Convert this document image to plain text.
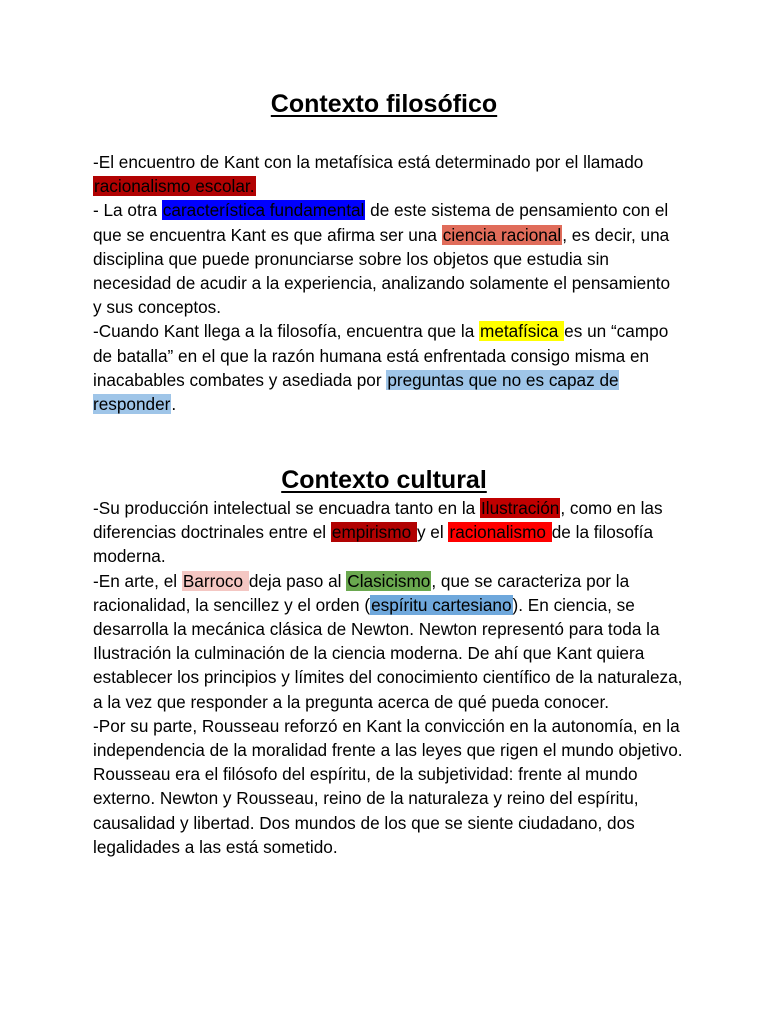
Contexto filosófico

-El encuentro de Kant con la metafísica está determinado por el llamado racionalismo escolar.

- La otra característica fundamental de este sistema de pensamiento con el que se encuentra Kant es que afirma ser una ciencia racional, es decir, una disciplina que puede pronunciarse sobre los objetos que estudia sin necesidad de acudir a la experiencia, analizando solamente el pensamiento y sus conceptos.

-Cuando Kant llega a la filosofía, encuentra que la metafísica es un “campo de batalla” en el que la razón humana está enfrentada consigo misma en inacabables combates y asediada por preguntas que no es capaz de responder.

Contexto cultural

-Su producción intelectual se encuadra tanto en la Ilustración, como en las diferencias doctrinales entre el empirismo y el racionalismo de la filosofía moderna.

-En arte, el Barroco deja paso al Clasicismo, que se caracteriza por la racionalidad, la sencillez y el orden (espíritu cartesiano). En ciencia, se desarrolla la mecánica clásica de Newton. Newton representó para toda la Ilustración la culminación de la ciencia moderna. De ahí que Kant quiera establecer los principios y límites del conocimiento científico de la naturaleza, a la vez que responder a la pregunta acerca de qué pueda conocer.

-Por su parte, Rousseau reforzó en Kant la convicción en la autonomía, en la independencia de la moralidad frente a las leyes que rigen el mundo objetivo. Rousseau era el filósofo del espíritu, de la subjetividad: frente al mundo externo. Newton y Rousseau, reino de la naturaleza y reino del espíritu, causalidad y libertad. Dos mundos de los que se siente ciudadano, dos legalidades a las está sometido.
